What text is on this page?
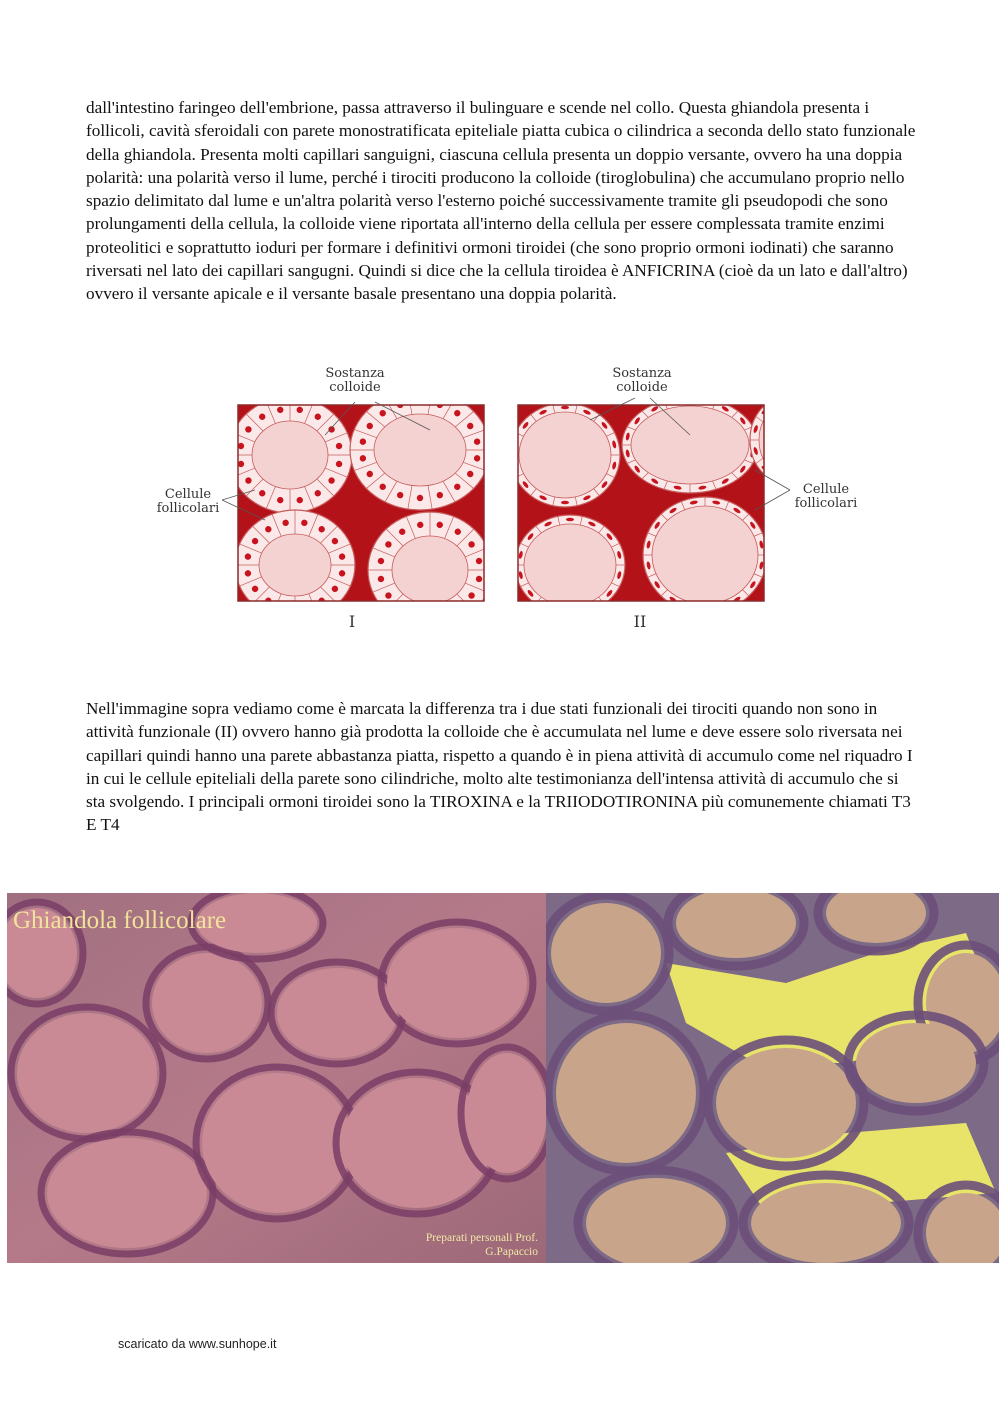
dall'intestino faringeo dell'embrione, passa attraverso il bulinguare e scende nel collo. Questa ghiandola presenta i follicoli, cavità sferoidali con parete monostratificata epiteliale piatta cubica o cilindrica a seconda dello stato funzionale della ghiandola. Presenta molti capillari sanguigni, ciascuna cellula presenta un doppio versante, ovvero ha una doppia polarità: una polarità verso il lume, perché i tirociti producono la colloide (tiroglobulina) che accumulano proprio nello spazio delimitato dal lume e un'altra polarità verso l'esterno poiché successivamente tramite gli pseudopodi che sono prolungamenti della cellula, la colloide viene riportata all'interno della cellula per essere complessata tramite enzimi proteolitici e soprattutto ioduri per formare i definitivi ormoni tiroidei (che sono proprio ormoni iodinati) che saranno riversati nel lato dei capillari sangugni. Quindi si dice che la cellula tiroidea è ANFICRINA (cioè da un lato e dall'altro) ovvero il versante apicale e il versante basale presentano una doppia polarità.

Sostanza
colloide
Cellule
follicolari
Sostanza
colloide
Cellule
follicolari
I	II

Nell'immagine sopra vediamo come è marcata la differenza tra i due stati funzionali dei tirociti quando non sono in attività funzionale (II) ovvero hanno già prodotta la colloide che è accumulata nel lume e deve essere solo riversata nei capillari quindi hanno una parete abbastanza piatta, rispetto a quando è in piena attività di accumulo come nel riquadro I in cui le cellule epiteliali della parete sono cilindriche, molto alte testimonianza dell'intensa attività di accumulo che si sta svolgendo. I principali ormoni tiroidei sono la TIROXINA e la TRIIODOTIRONINA più comunemente chiamati T3 E T4

Ghiandola follicolare
Preparati personali Prof.
G.Papaccio
scaricato da www.sunhope.it
